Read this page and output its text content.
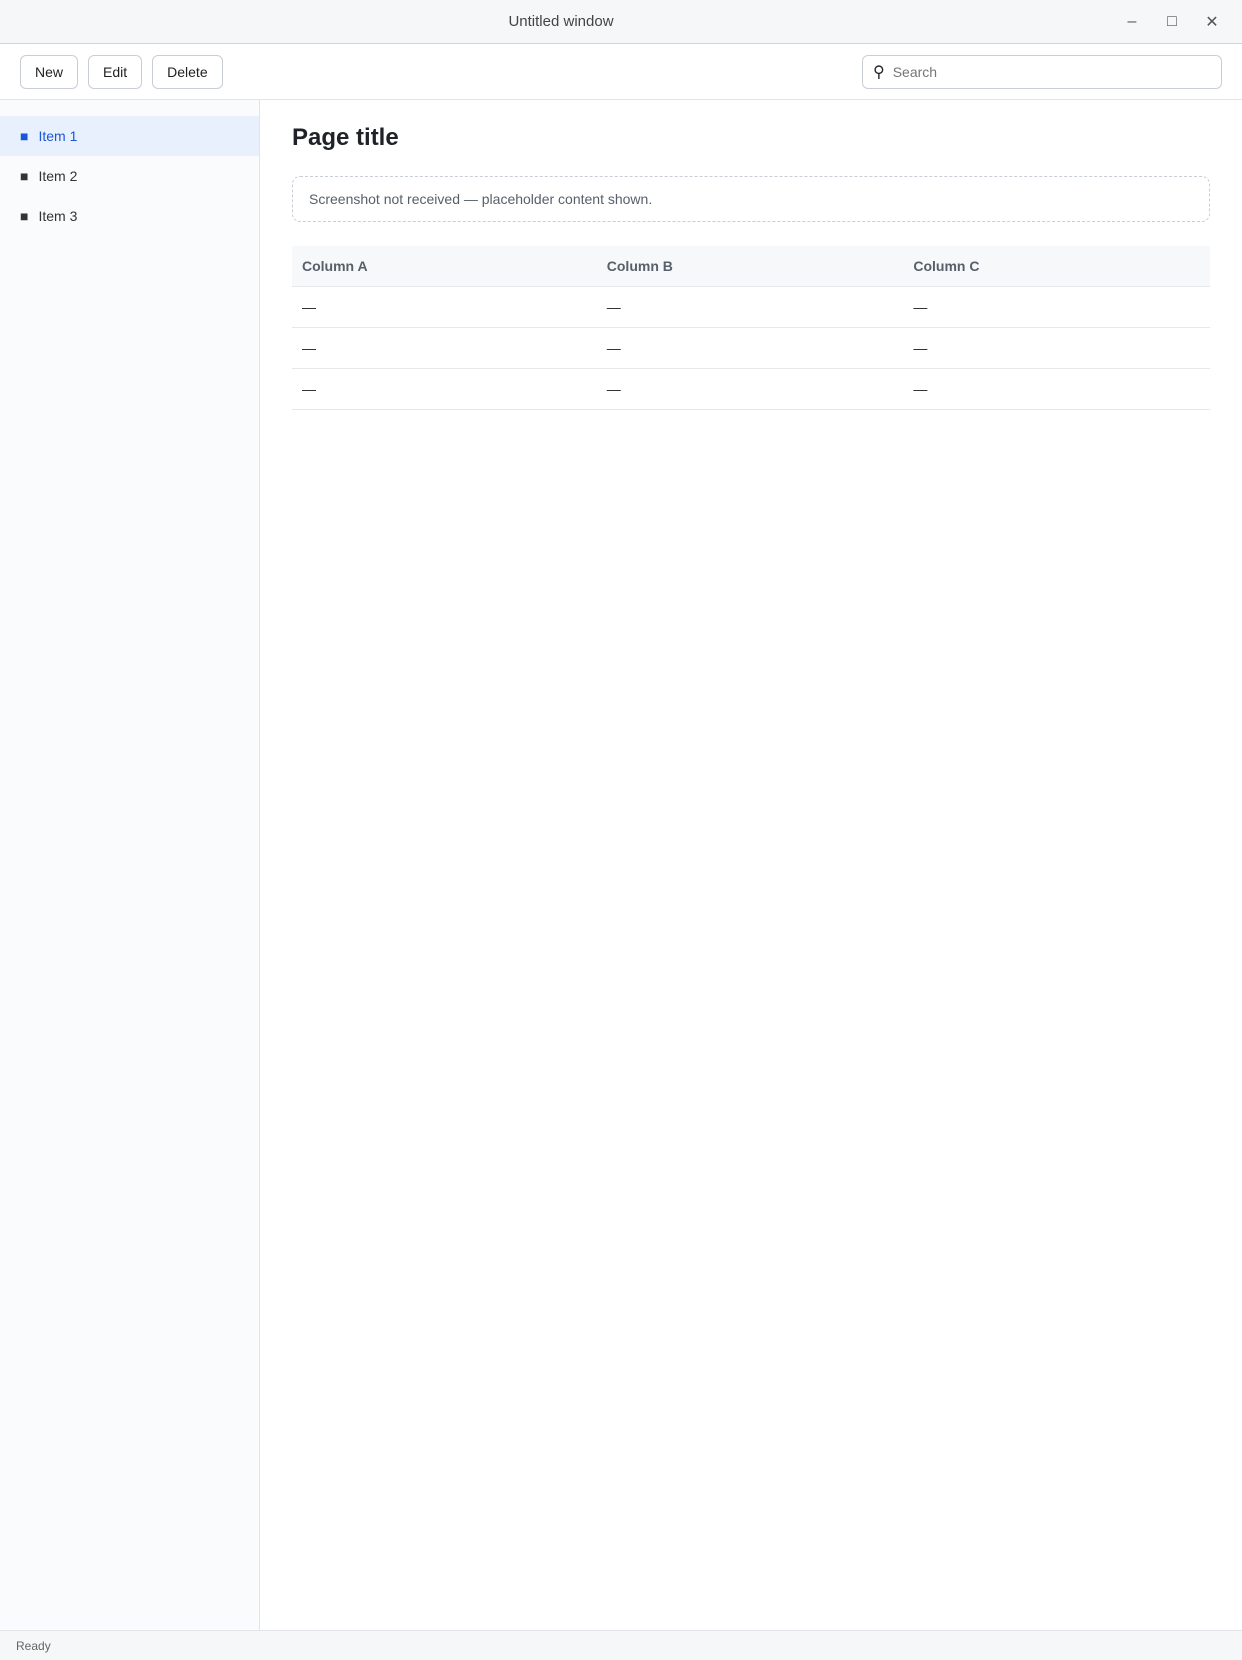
Untitled window	–	□	✕
New	Edit	Delete	⚲
Search
■ Item 1
■ Item 2
■ Item 3
Page title
Screenshot not received — placeholder content shown.
Column A	Column B	Column C
—	—	—
—	—	—
—	—	—
Ready
